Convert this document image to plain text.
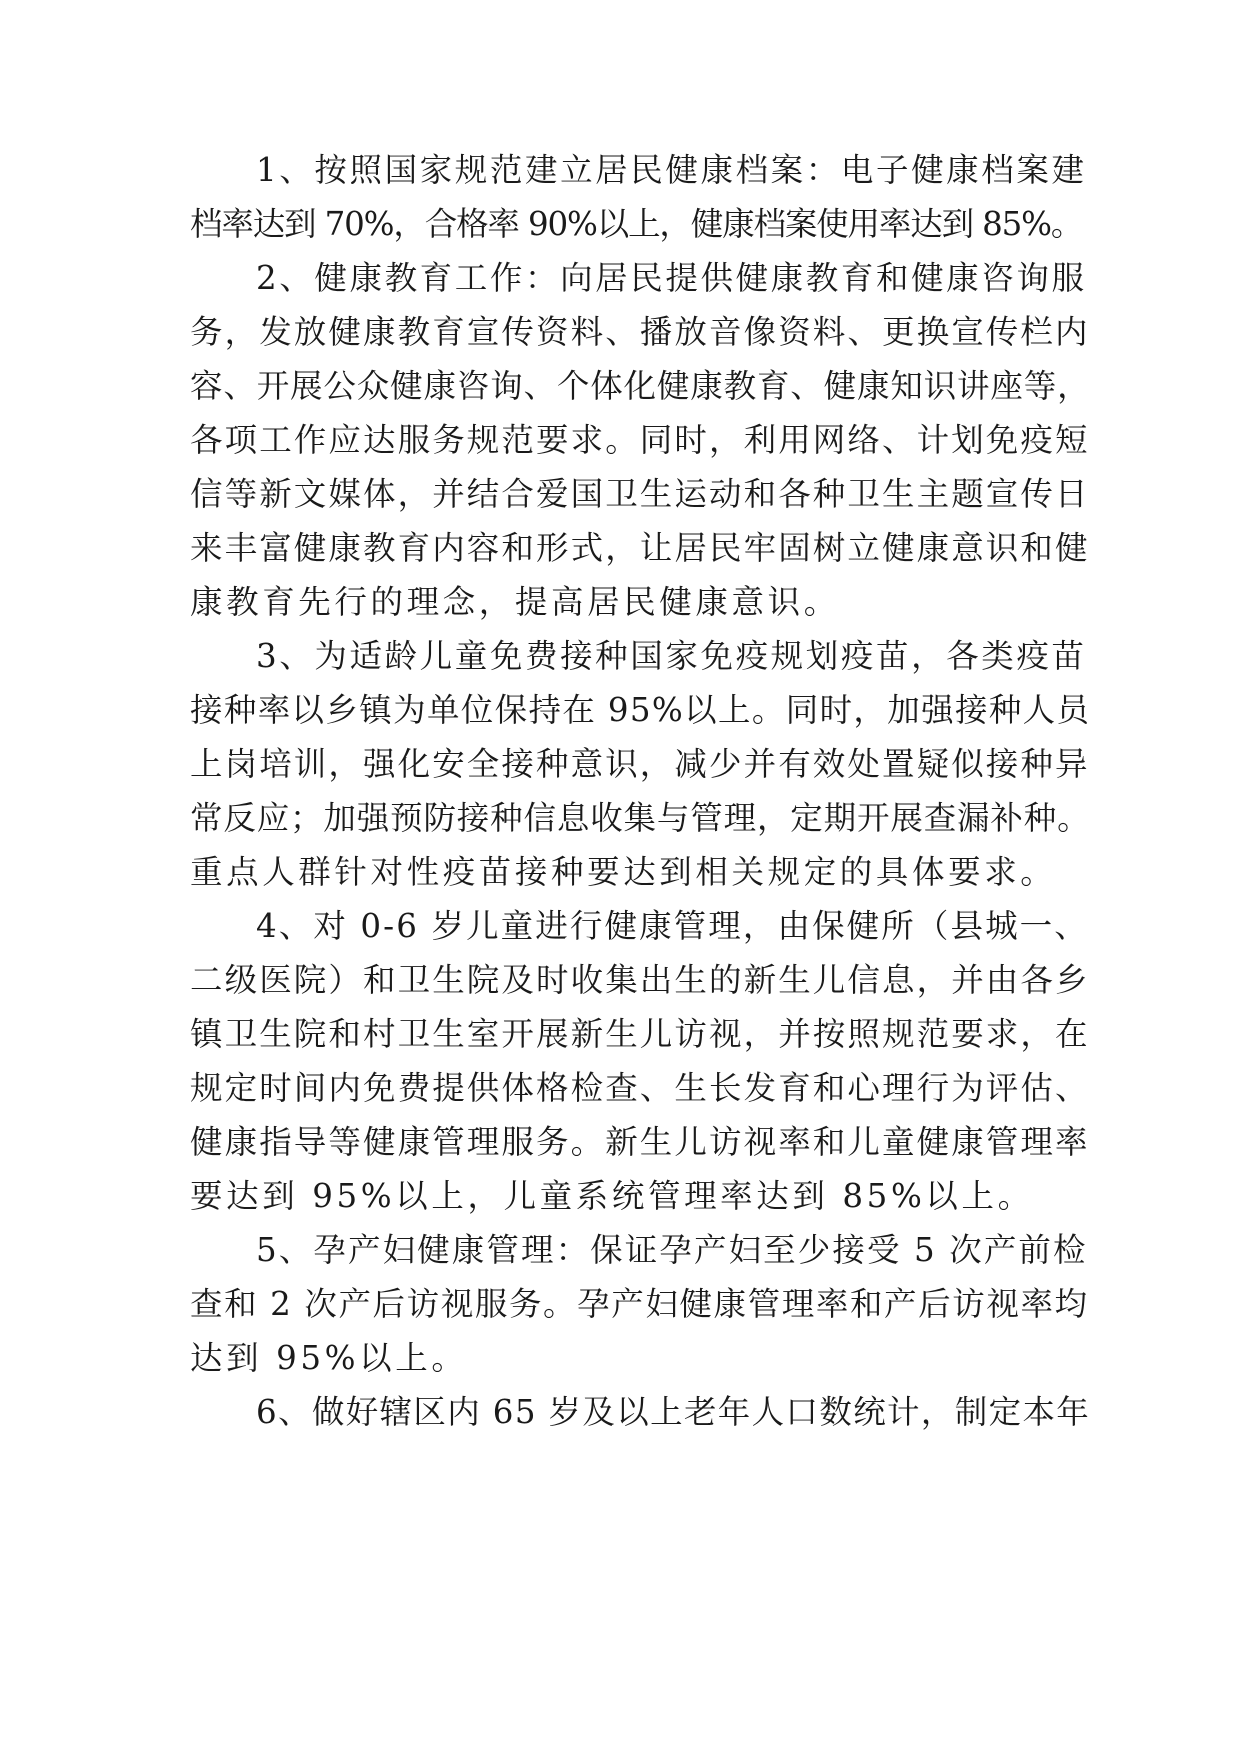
1、按照国家规范建立居民健康档案：电子健康档案建

档率达到 70%，合格率 90%以上，健康档案使用率达到 85%。

2、健康教育工作：向居民提供健康教育和健康咨询服

务，发放健康教育宣传资料、播放音像资料、更换宣传栏内

容、开展公众健康咨询、个体化健康教育、健康知识讲座等，

各项工作应达服务规范要求。同时，利用网络、计划免疫短

信等新文媒体，并结合爱国卫生运动和各种卫生主题宣传日

来丰富健康教育内容和形式，让居民牢固树立健康意识和健

康教育先行的理念，提高居民健康意识。

3、为适龄儿童免费接种国家免疫规划疫苗，各类疫苗

接种率以乡镇为单位保持在 95%以上。同时，加强接种人员

上岗培训，强化安全接种意识，减少并有效处置疑似接种异

常反应；加强预防接种信息收集与管理，定期开展查漏补种。

重点人群针对性疫苗接种要达到相关规定的具体要求。

4、对 0-6 岁儿童进行健康管理，由保健所（县城一、

二级医院）和卫生院及时收集出生的新生儿信息，并由各乡

镇卫生院和村卫生室开展新生儿访视，并按照规范要求，在

规定时间内免费提供体格检查、生长发育和心理行为评估、

健康指导等健康管理服务。新生儿访视率和儿童健康管理率

要达到 95%以上，儿童系统管理率达到 85%以上。

5、孕产妇健康管理：保证孕产妇至少接受 5 次产前检

查和 2 次产后访视服务。孕产妇健康管理率和产后访视率均

达到 95%以上。

6、做好辖区内 65 岁及以上老年人口数统计，制定本年
